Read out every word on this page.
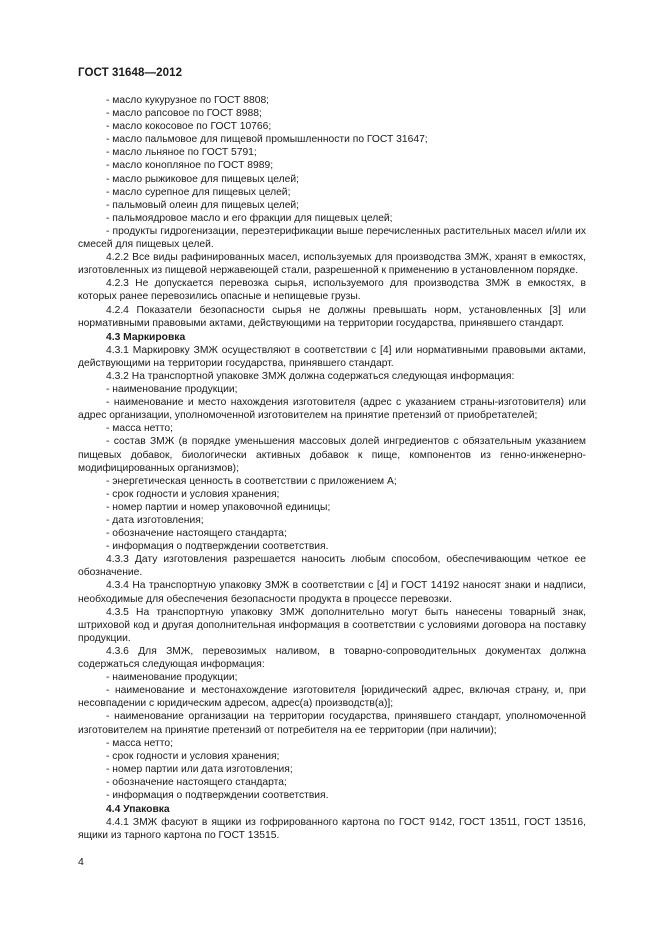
ГОСТ 31648—2012

- масло кукурузное по ГОСТ 8808;

- масло рапсовое по ГОСТ 8988;

- масло кокосовое по ГОСТ 10766;

- масло пальмовое для пищевой промышленности по ГОСТ 31647;

- масло льняное по ГОСТ 5791;

- масло конопляное по ГОСТ 8989;

- масло рыжиковое для пищевых целей;

- масло сурепное для пищевых целей;

- пальмовый олеин для пищевых целей;

- пальмоядровое масло и его фракции для пищевых целей;

- продукты гидрогенизации, переэтерификации выше перечисленных растительных масел и/или их смесей для пищевых целей.

4.2.2 Все виды рафинированных масел, используемых для производства ЗМЖ, хранят в емкостях, изготовленных из пищевой нержавеющей стали, разрешенной к применению в установленном порядке.

4.2.3 Не допускается перевозка сырья, используемого для производства ЗМЖ в емкостях, в которых ранее перевозились опасные и непищевые грузы.

4.2.4 Показатели безопасности сырья не должны превышать норм, установленных [3] или нормативными правовыми актами, действующими на территории государства, принявшего стандарт.

4.3 Маркировка

4.3.1 Маркировку ЗМЖ осуществляют в соответствии с [4] или нормативными правовыми актами, действующими на территории государства, принявшего стандарт.

4.3.2 На транспортной упаковке ЗМЖ должна содержаться следующая информация:

- наименование продукции;

- наименование и место нахождения изготовителя (адрес с указанием страны-изготовителя) или адрес организации, уполномоченной изготовителем на принятие претензий от приобретателей;

- масса нетто;

- состав ЗМЖ (в порядке уменьшения массовых долей ингредиентов с обязательным указанием пищевых добавок, биологически активных добавок к пище, компонентов из генно-инженерно-модифицированных организмов);

- энергетическая ценность в соответствии с приложением А;

- срок годности и условия хранения;

- номер партии и номер упаковочной единицы;

- дата изготовления;

- обозначение настоящего стандарта;

- информация о подтверждении соответствия.

4.3.3 Дату изготовления разрешается наносить любым способом, обеспечивающим четкое ее обозначение.

4.3.4 На транспортную упаковку ЗМЖ в соответствии с [4] и ГОСТ 14192 наносят знаки и надписи, необходимые для обеспечения безопасности продукта в процессе перевозки.

4.3.5 На транспортную упаковку ЗМЖ дополнительно могут быть нанесены товарный знак, штриховой код и другая дополнительная информация в соответствии с условиями договора на поставку продукции.

4.3.6 Для ЗМЖ, перевозимых наливом, в товарно-сопроводительных документах должна содержаться следующая информация:

- наименование продукции;

- наименование и местонахождение изготовителя [юридический адрес, включая страну, и, при несовпадении с юридическим адресом, адрес(а) производств(а)];

- наименование организации на территории государства, принявшего стандарт, уполномоченной изготовителем на принятие претензий от потребителя на ее территории (при наличии);

- масса нетто;

- срок годности и условия хранения;

- номер партии или дата изготовления;

- обозначение настоящего стандарта;

- информация о подтверждении соответствия.

4.4 Упаковка

4.4.1 ЗМЖ фасуют в ящики из гофрированного картона по ГОСТ 9142, ГОСТ 13511, ГОСТ 13516, ящики из тарного картона по ГОСТ 13515.

4
